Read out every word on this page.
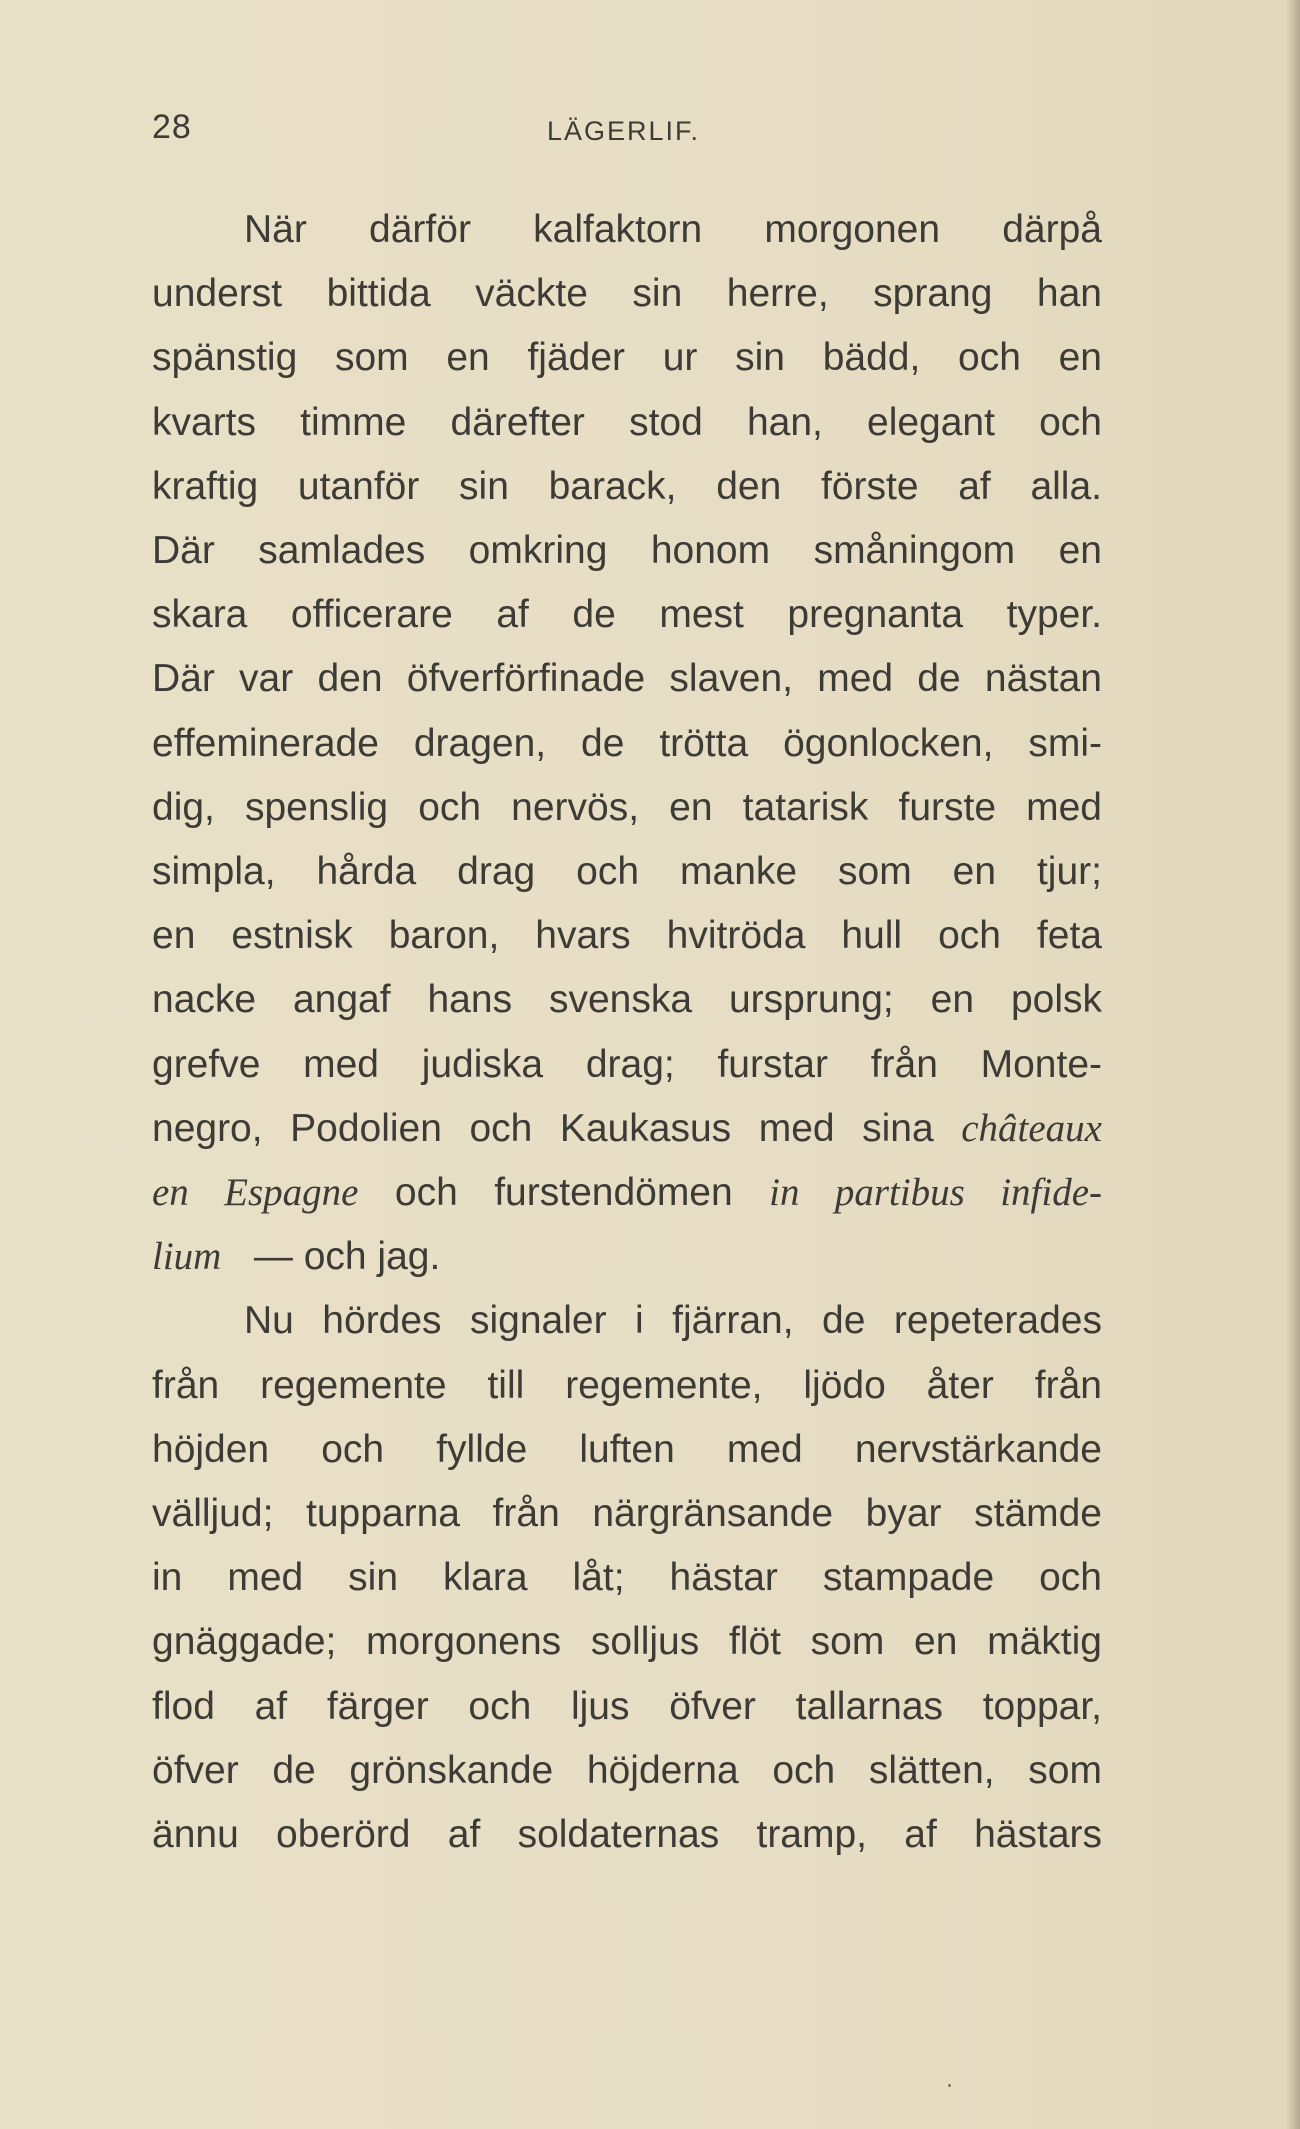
28	LÄGERLIF.

När därför kalfaktorn morgonen därpå
underst bittida väckte sin herre, sprang han
spänstig som en fjäder ur sin bädd, och en
kvarts timme därefter stod han, elegant och
kraftig utanför sin barack, den förste af alla.
Där samlades omkring honom småningom en
skara officerare af de mest pregnanta typer.
Där var den öfverförfinade slaven, med de nästan
effeminerade dragen, de trötta ögonlocken, smi-
dig, spenslig och nervös, en tatarisk furste med
simpla, hårda drag och manke som en tjur;
en estnisk baron, hvars hvitröda hull och feta
nacke angaf hans svenska ursprung; en polsk
grefve med judiska drag; furstar från Monte-
negro, Podolien och Kaukasus med sina châteaux
en Espagne och furstendömen in partibus infide-
lium — och jag.

Nu hördes signaler i fjärran, de repeterades
från regemente till regemente, ljödo åter från
höjden och fyllde luften med nervstärkande
välljud; tupparna från närgränsande byar stämde
in med sin klara låt; hästar stampade och
gnäggade; morgonens solljus flöt som en mäktig
flod af färger och ljus öfver tallarnas toppar,
öfver de grönskande höjderna och slätten, som
ännu oberörd af soldaternas tramp, af hästars
